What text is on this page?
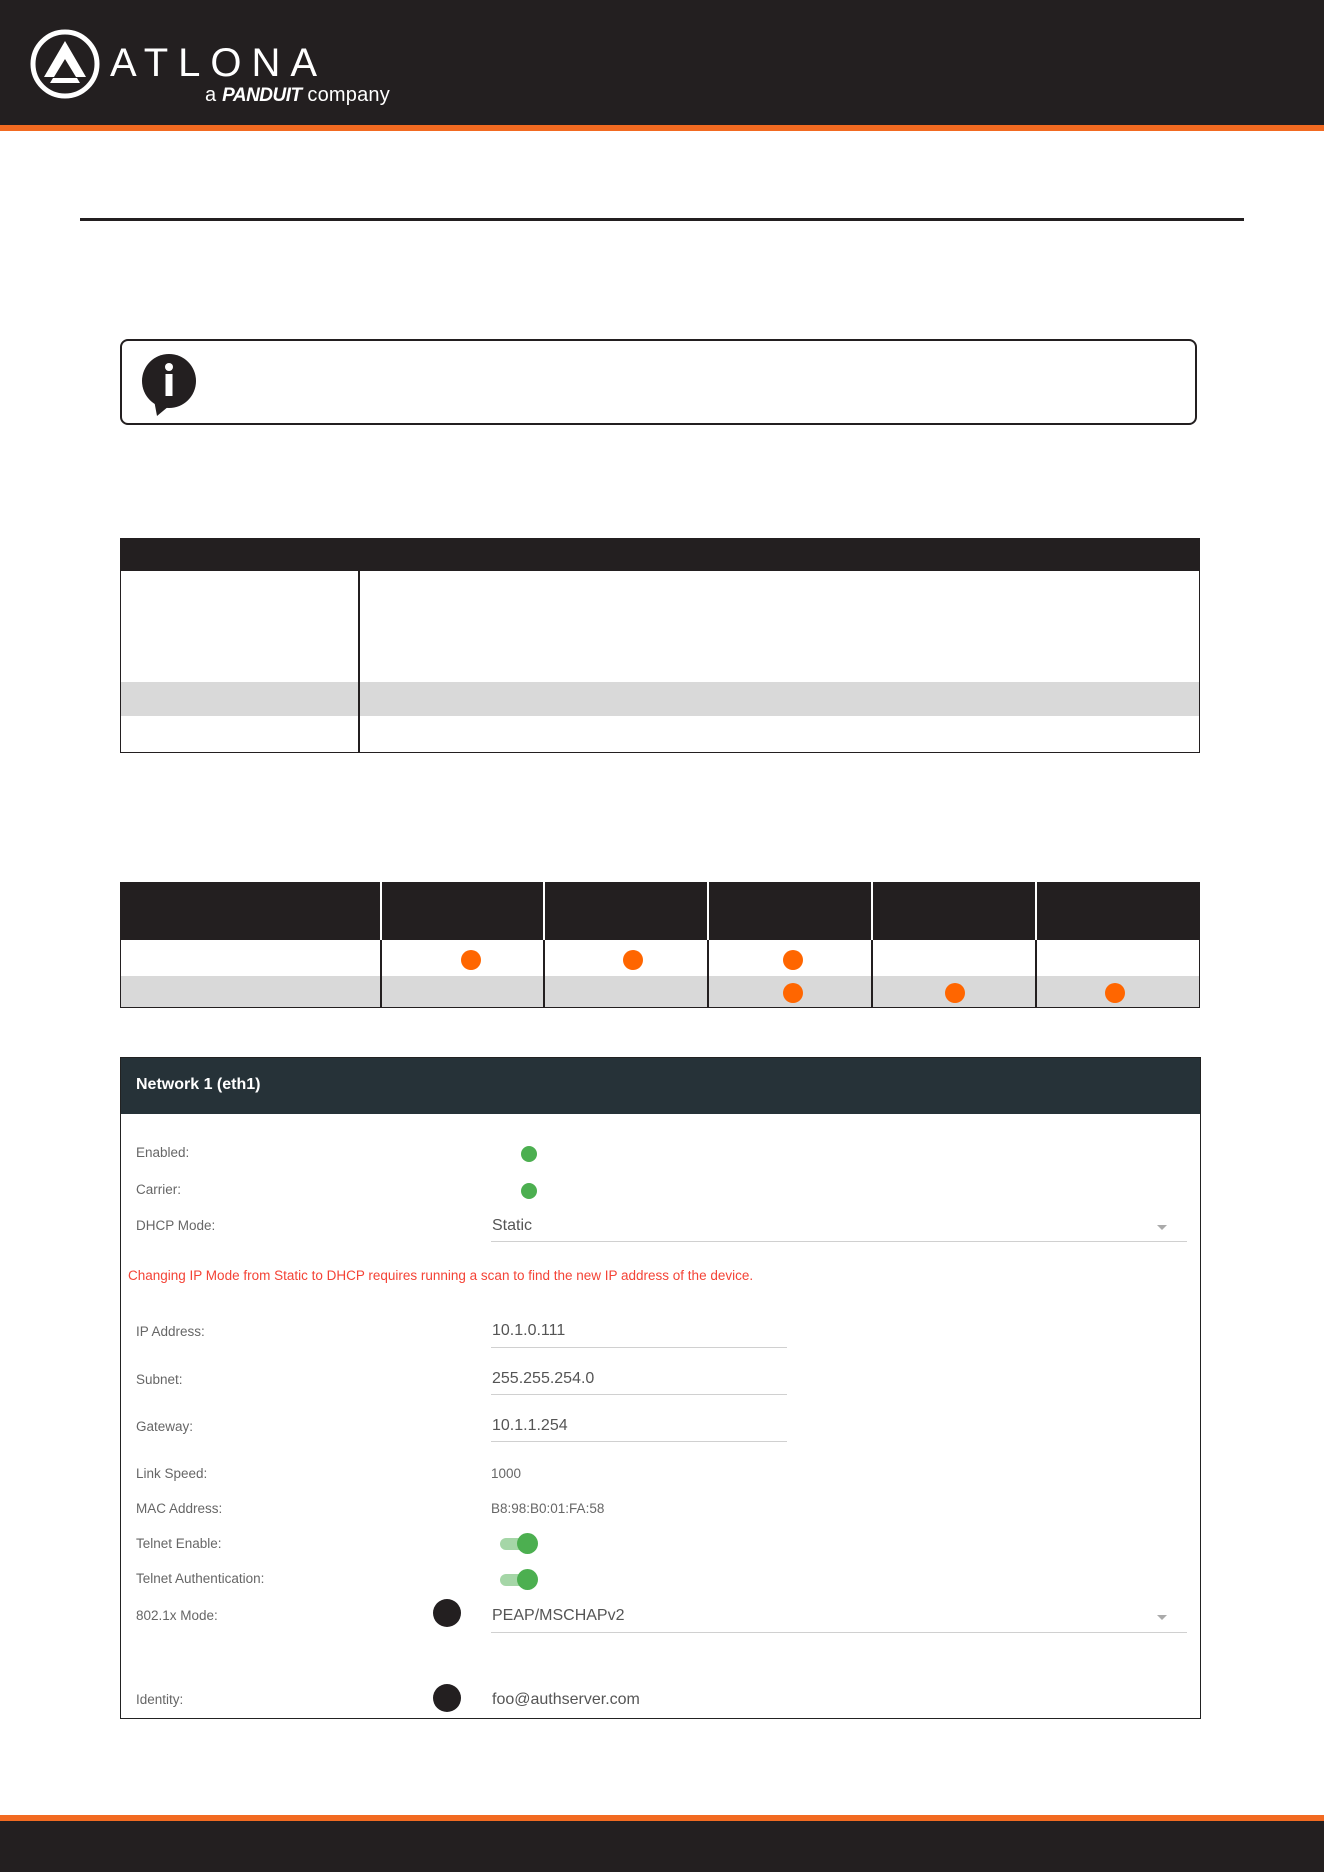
ATLONA
a PANDUIT company
Network 1 (eth1)
Enabled:
Carrier:
DHCP Mode:	Static
Changing IP Mode from Static to DHCP requires running a scan to find the new IP address of the device.
IP Address:	10.1.0.111
Subnet:	255.255.254.0
Gateway:	10.1.1.254
Link Speed:	1000
MAC Address:	B8:98:B0:01:FA:58
Telnet Enable:
Telnet Authentication:
802.1x Mode:	PEAP/MSCHAPv2
Identity:	foo@authserver.com
